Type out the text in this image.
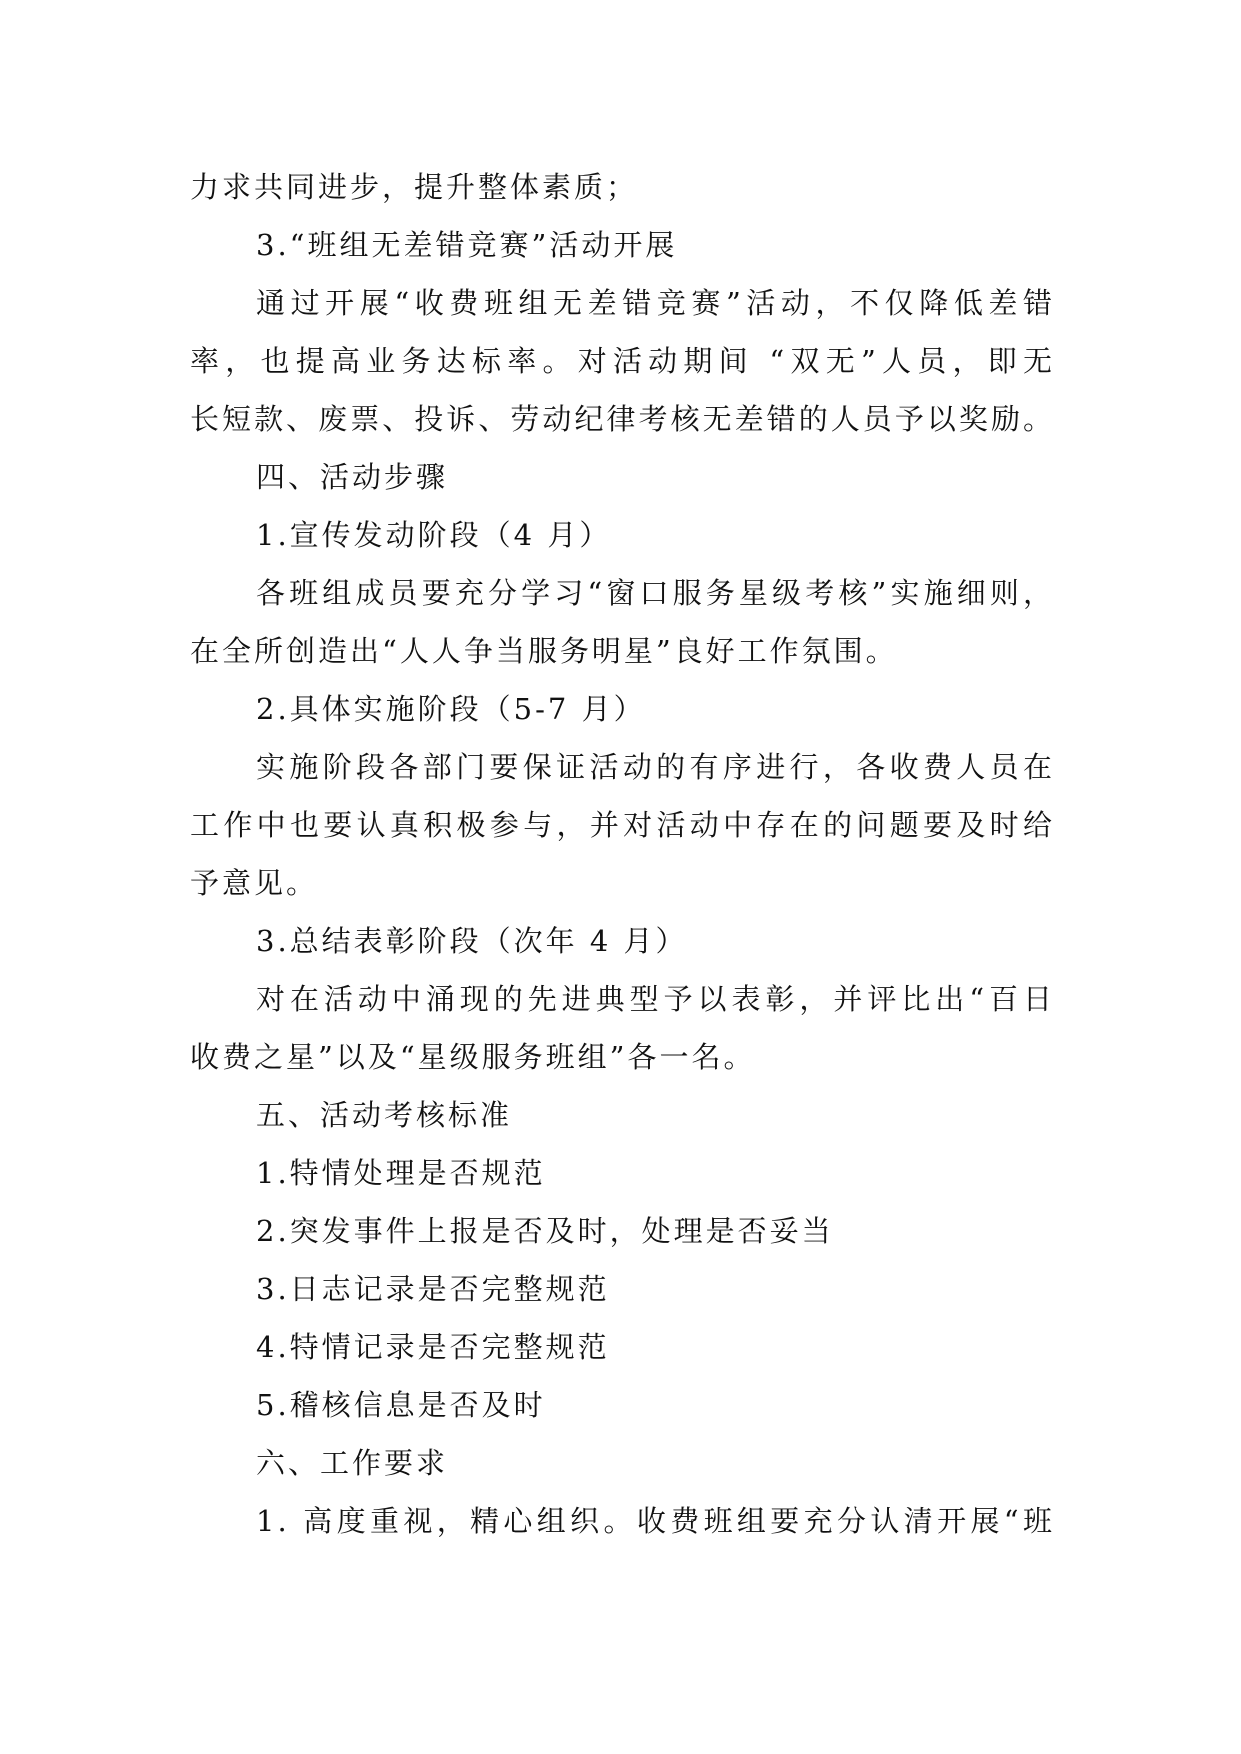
力求共同进步，提升整体素质；
3.“班组无差错竞赛”活动开展
通过开展“收费班组无差错竞赛”活动，不仅降低差错
率，也提高业务达标率。对活动期间 “双无”人员，即无
长短款、废票、投诉、劳动纪律考核无差错的人员予以奖励。
四、活动步骤
1.宣传发动阶段（4 月）
各班组成员要充分学习“窗口服务星级考核”实施细则，
在全所创造出“人人争当服务明星”良好工作氛围。
2.具体实施阶段（5-7 月）
实施阶段各部门要保证活动的有序进行，各收费人员在
工作中也要认真积极参与，并对活动中存在的问题要及时给
予意见。
3.总结表彰阶段（次年 4 月）
对在活动中涌现的先进典型予以表彰，并评比出“百日
收费之星”以及“星级服务班组”各一名。
五、活动考核标准
1.特情处理是否规范
2.突发事件上报是否及时，处理是否妥当
3.日志记录是否完整规范
4.特情记录是否完整规范
5.稽核信息是否及时
六、工作要求
1. 高度重视，精心组织。收费班组要充分认清开展“班
